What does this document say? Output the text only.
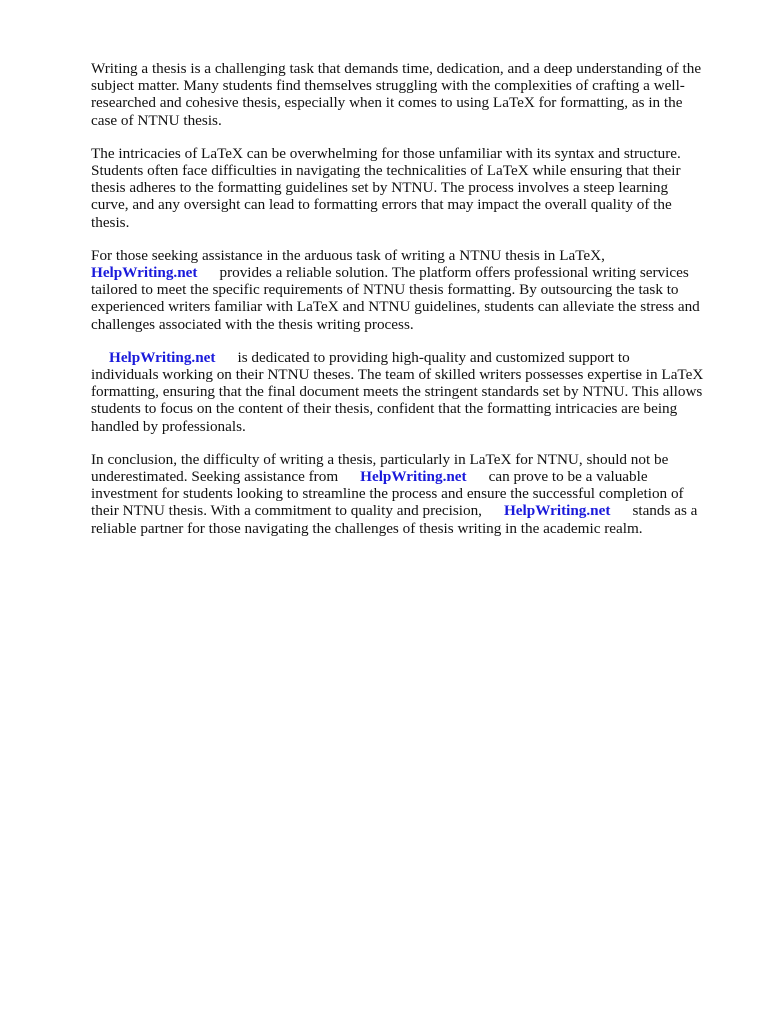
Writing a thesis is a challenging task that demands time, dedication, and a deep understanding of the
subject matter. Many students find themselves struggling with the complexities of crafting a well-
researched and cohesive thesis, especially when it comes to using LaTeX for formatting, as in the
case of NTNU thesis.

The intricacies of LaTeX can be overwhelming for those unfamiliar with its syntax and structure.
Students often face difficulties in navigating the technicalities of LaTeX while ensuring that their
thesis adheres to the formatting guidelines set by NTNU. The process involves a steep learning
curve, and any oversight can lead to formatting errors that may impact the overall quality of the
thesis.

For those seeking assistance in the arduous task of writing a NTNU thesis in LaTeX,
HelpWriting.net provides a reliable solution. The platform offers professional writing services
tailored to meet the specific requirements of NTNU thesis formatting. By outsourcing the task to
experienced writers familiar with LaTeX and NTNU guidelines, students can alleviate the stress and
challenges associated with the thesis writing process.

HelpWriting.net is dedicated to providing high-quality and customized support to
individuals working on their NTNU theses. The team of skilled writers possesses expertise in LaTeX
formatting, ensuring that the final document meets the stringent standards set by NTNU. This allows
students to focus on the content of their thesis, confident that the formatting intricacies are being
handled by professionals.

In conclusion, the difficulty of writing a thesis, particularly in LaTeX for NTNU, should not be
underestimated. Seeking assistance from HelpWriting.net can prove to be a valuable
investment for students looking to streamline the process and ensure the successful completion of
their NTNU thesis. With a commitment to quality and precision, HelpWriting.net stands as a
reliable partner for those navigating the challenges of thesis writing in the academic realm.
